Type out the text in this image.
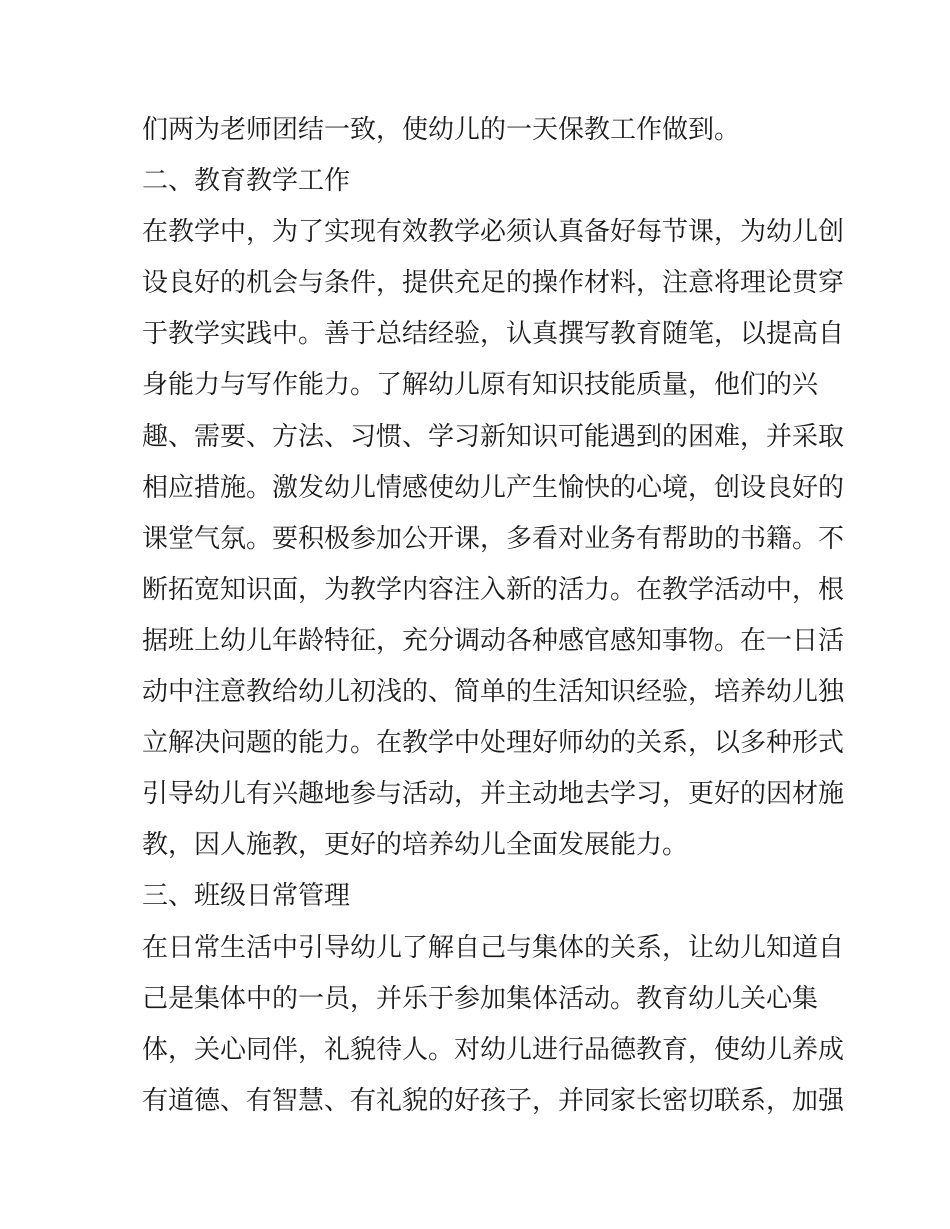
们两为老师团结一致，使幼儿的一天保教工作做到。
二、教育教学工作
在教学中，为了实现有效教学必须认真备好每节课，为幼儿创
设良好的机会与条件，提供充足的操作材料，注意将理论贯穿
于教学实践中。善于总结经验，认真撰写教育随笔，以提高自
身能力与写作能力。了解幼儿原有知识技能质量，他们的兴
趣、需要、方法、习惯、学习新知识可能遇到的困难，并采取
相应措施。激发幼儿情感使幼儿产生愉快的心境，创设良好的
课堂气氛。要积极参加公开课，多看对业务有帮助的书籍。不
断拓宽知识面，为教学内容注入新的活力。在教学活动中，根
据班上幼儿年龄特征，充分调动各种感官感知事物。在一日活
动中注意教给幼儿初浅的、简单的生活知识经验，培养幼儿独
立解决问题的能力。在教学中处理好师幼的关系，以多种形式
引导幼儿有兴趣地参与活动，并主动地去学习，更好的因材施
教，因人施教，更好的培养幼儿全面发展能力。
三、班级日常管理
在日常生活中引导幼儿了解自己与集体的关系，让幼儿知道自
己是集体中的一员，并乐于参加集体活动。教育幼儿关心集
体，关心同伴，礼貌待人。对幼儿进行品德教育，使幼儿养成
有道德、有智慧、有礼貌的好孩子，并同家长密切联系，加强
